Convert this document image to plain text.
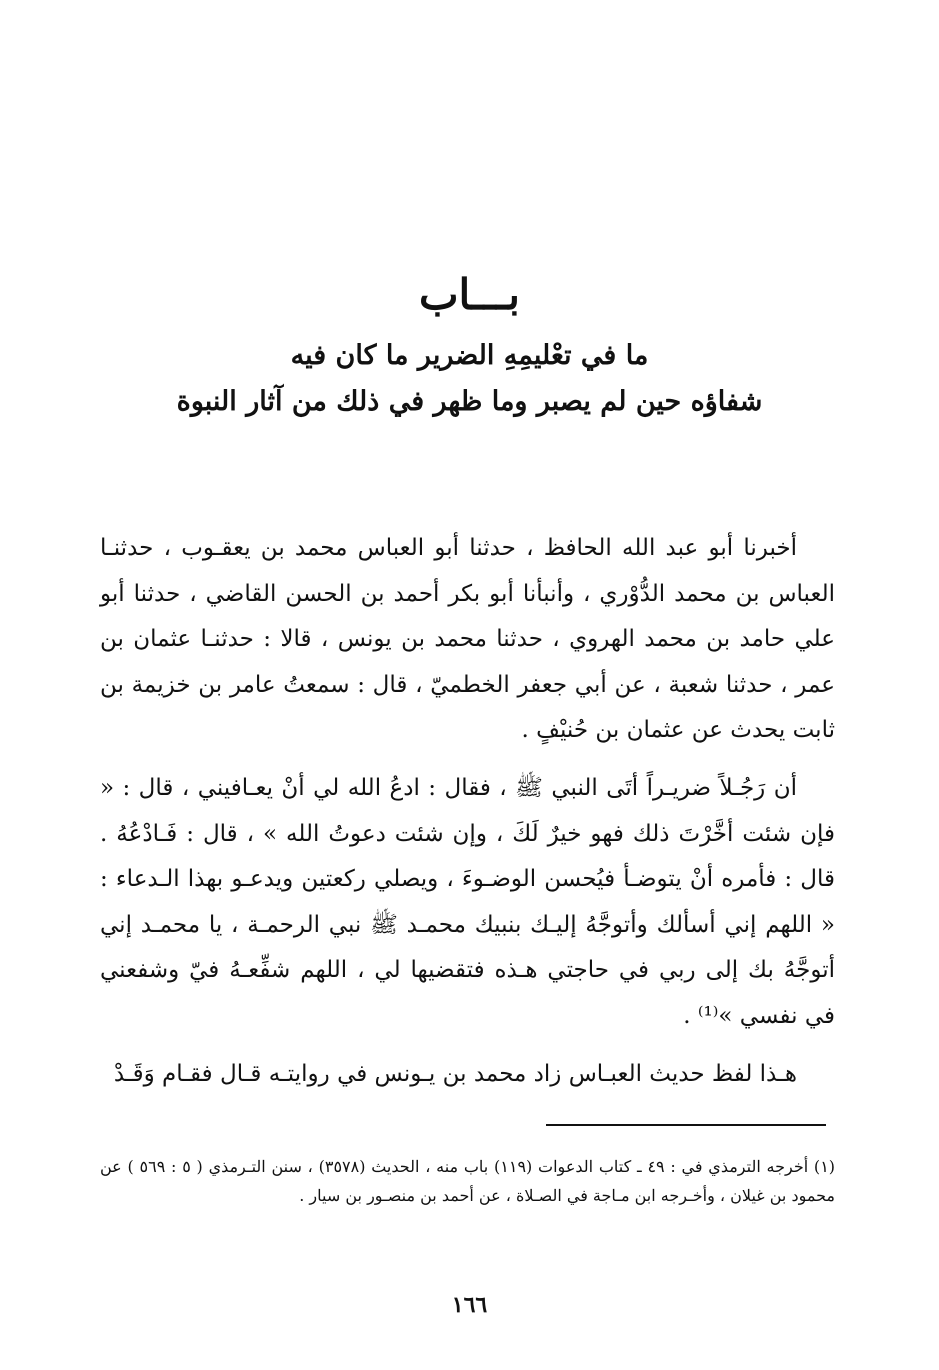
بـــاب
ما في تعْليمِهِ الضرير ما كان فيه
شفاؤه حين لم يصبر وما ظهر في ذلك من آثار النبوة
أخبرنا أبو عبد الله الحافظ ، حدثنا أبو العباس محمد بن يعقـوب ، حدثنـا العباس بن محمد الدُّوْري ، وأنبأنا أبو بكر أحمد بن الحسن القاضي ، حدثنا أبو علي حامد بن محمد الهروي ، حدثنا محمد بن يونس ، قالا : حدثنـا عثمان بن عمر ، حدثنا شعبة ، عن أبي جعفر الخطميّ ، قال : سمعتُ عامر بن خزيمة بن ثابت يحدث عن عثمان بن حُنيْفٍ .
أن رَجُـلاً ضريـراً أتَى النبي ﷺ ، فقال : ادعُ الله لي أنْ يعـافيني ، قال : « فإن شئت أخَّرْتَ ذلك فهو خيرٌ لَكَ ، وإن شئت دعوتُ الله » ، قال : فَـادْعُهُ . قال : فأمره أنْ يتوضـأ فيُحسن الوضـوءَ ، ويصلي ركعتين ويدعـو بهذا الـدعاء : « اللهم إني أسألك وأتوجَّهُ إليـك بنبيك محمـد ﷺ نبي الرحمـة ، يا محمـد إني أتوجَّهُ بك إلى ربي في حاجتي هـذه فتقضيها لي ، اللهم شفِّعـهُ فيّ وشفعني في نفسي »⁽¹⁾ .
هـذا لفظ حديث العبـاس زاد محمد بن يـونس في روايتـه قـال فقـام وَقَـدْ
(١) أخرجه الترمذي في : ٤٩ ـ كتاب الدعوات (١١٩) باب منه ، الحديث (٣٥٧٨) ، سنن التـرمذي ( ٥ : ٥٦٩ ) عن محمود بن غيلان ، وأخـرجه ابن مـاجة في الصـلاة ، عن أحمد بن منصـور بن سيار .
١٦٦
